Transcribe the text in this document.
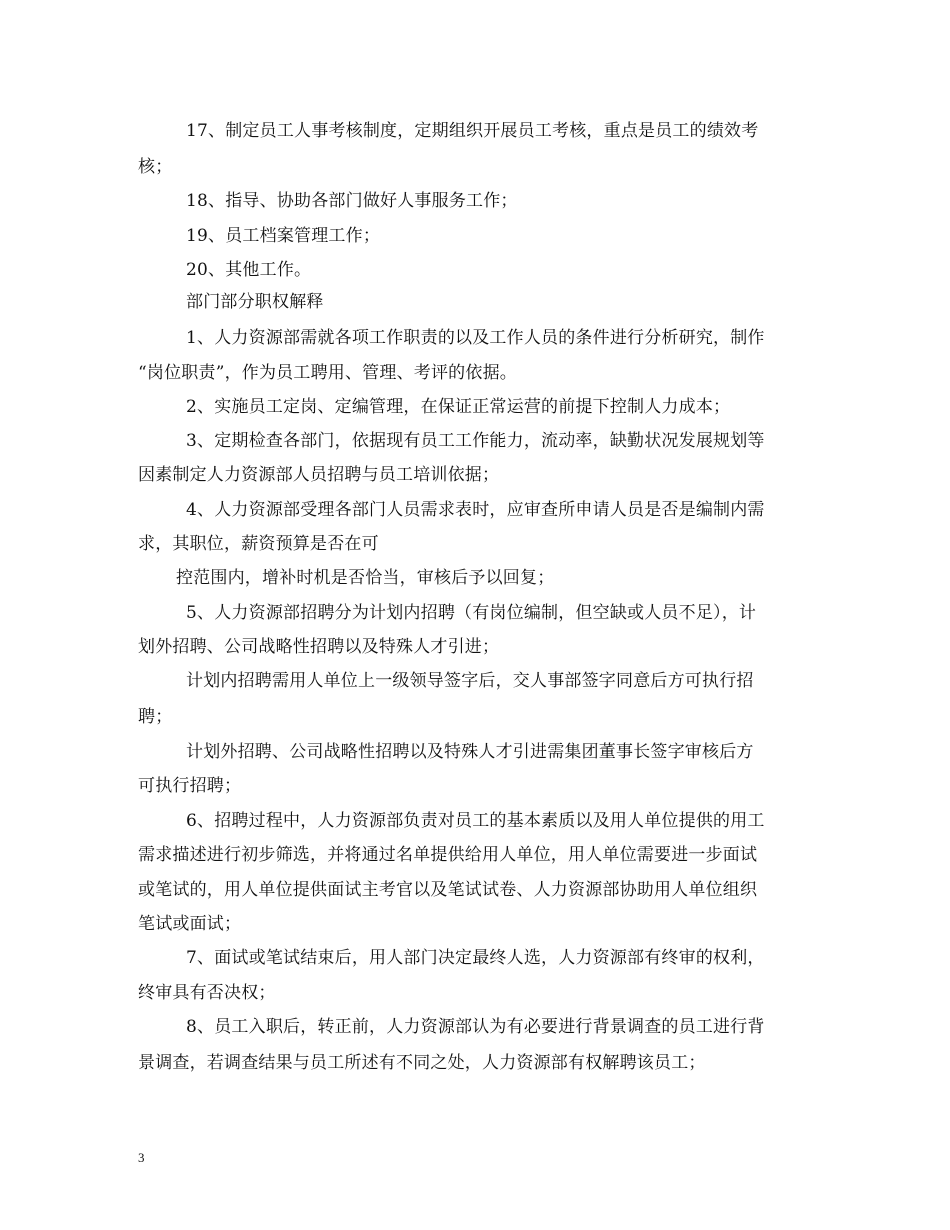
17、制定员工人事考核制度，定期组织开展员工考核，重点是员工的绩效考
核；
18、指导、协助各部门做好人事服务工作；
19、员工档案管理工作；
20、其他工作。
部门部分职权解释
1、人力资源部需就各项工作职责的以及工作人员的条件进行分析研究，制作
“岗位职责”，作为员工聘用、管理、考评的依据。
2、实施员工定岗、定编管理，在保证正常运营的前提下控制人力成本；
3、定期检查各部门，依据现有员工工作能力，流动率，缺勤状况发展规划等
因素制定人力资源部人员招聘与员工培训依据；
4、人力资源部受理各部门人员需求表时，应审查所申请人员是否是编制内需
求，其职位，薪资预算是否在可
控范围内，增补时机是否恰当，审核后予以回复；
5、人力资源部招聘分为计划内招聘（有岗位编制，但空缺或人员不足），计
划外招聘、公司战略性招聘以及特殊人才引进；
计划内招聘需用人单位上一级领导签字后，交人事部签字同意后方可执行招
聘；
计划外招聘、公司战略性招聘以及特殊人才引进需集团董事长签字审核后方
可执行招聘；
6、招聘过程中，人力资源部负责对员工的基本素质以及用人单位提供的用工
需求描述进行初步筛选，并将通过名单提供给用人单位，用人单位需要进一步面试
或笔试的，用人单位提供面试主考官以及笔试试卷、人力资源部协助用人单位组织
笔试或面试；
7、面试或笔试结束后，用人部门决定最终人选，人力资源部有终审的权利，
终审具有否决权；
8、员工入职后，转正前，人力资源部认为有必要进行背景调查的员工进行背
景调查，若调查结果与员工所述有不同之处，人力资源部有权解聘该员工；
3
